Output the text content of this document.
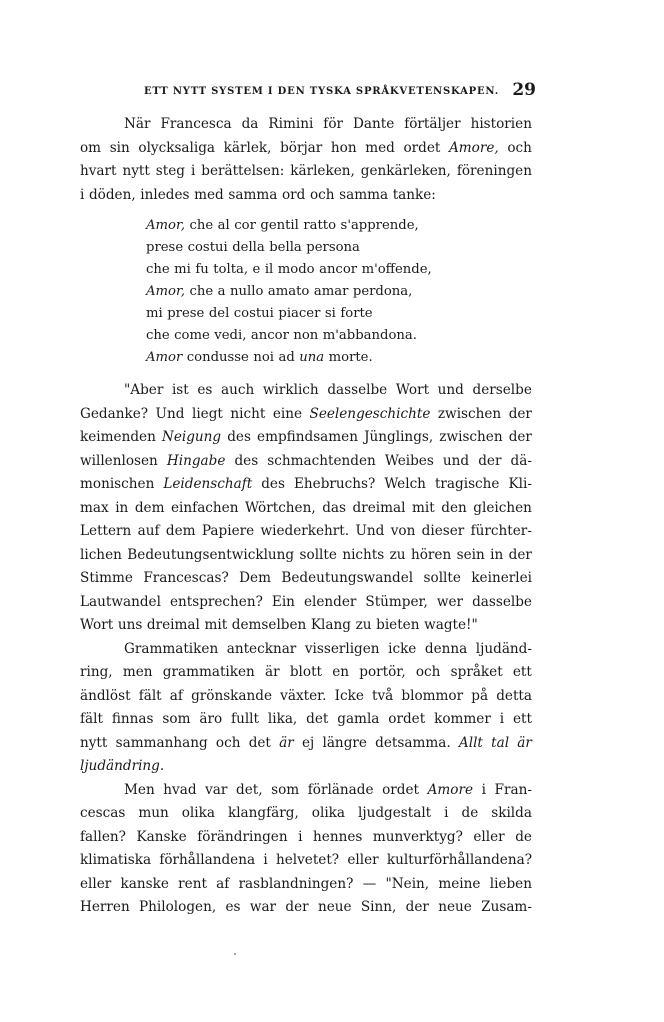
ETT NYTT SYSTEM I DEN TYSKA SPRÅKVETENSKAPEN. 29
När Francesca da Rimini för Dante förtäljer historien
om sin olycksaliga kärlek, börjar hon med ordet Amore, och
hvart nytt steg i berättelsen: kärleken, genkärleken, föreningen
i döden, inledes med samma ord och samma tanke:
Amor, che al cor gentil ratto s'apprende,
prese costui della bella persona
che mi fu tolta, e il modo ancor m'offende,
Amor, che a nullo amato amar perdona,
mi prese del costui piacer si forte
che come vedi, ancor non m'abbandona.
Amor condusse noi ad una morte.
"Aber ist es auch wirklich dasselbe Wort und derselbe
Gedanke? Und liegt nicht eine Seelengeschichte zwischen der
keimenden Neigung des empfindsamen Jünglings, zwischen der
willenlosen Hingabe des schmachtenden Weibes und der dä-
monischen Leidenschaft des Ehebruchs? Welch tragische Kli-
max in dem einfachen Wörtchen, das dreimal mit den gleichen
Lettern auf dem Papiere wiederkehrt. Und von dieser fürchter-
lichen Bedeutungsentwicklung sollte nichts zu hören sein in der
Stimme Francescas? Dem Bedeutungswandel sollte keinerlei
Lautwandel entsprechen? Ein elender Stümper, wer dasselbe
Wort uns dreimal mit demselben Klang zu bieten wagte!"
Grammatiken antecknar visserligen icke denna ljudänd-
ring, men grammatiken är blott en portör, och språket ett
ändlöst fält af grönskande växter. Icke två blommor på detta
fält finnas som äro fullt lika, det gamla ordet kommer i ett
nytt sammanhang och det är ej längre detsamma. Allt tal är
ljudändring.
Men hvad var det, som förlänade ordet Amore i Fran-
cescas mun olika klangfärg, olika ljudgestalt i de skilda
fallen? Kanske förändringen i hennes munverktyg? eller de
klimatiska förhållandena i helvetet? eller kulturförhållandena?
eller kanske rent af rasblandningen? — "Nein, meine lieben
Herren Philologen, es war der neue Sinn, der neue Zusam-
